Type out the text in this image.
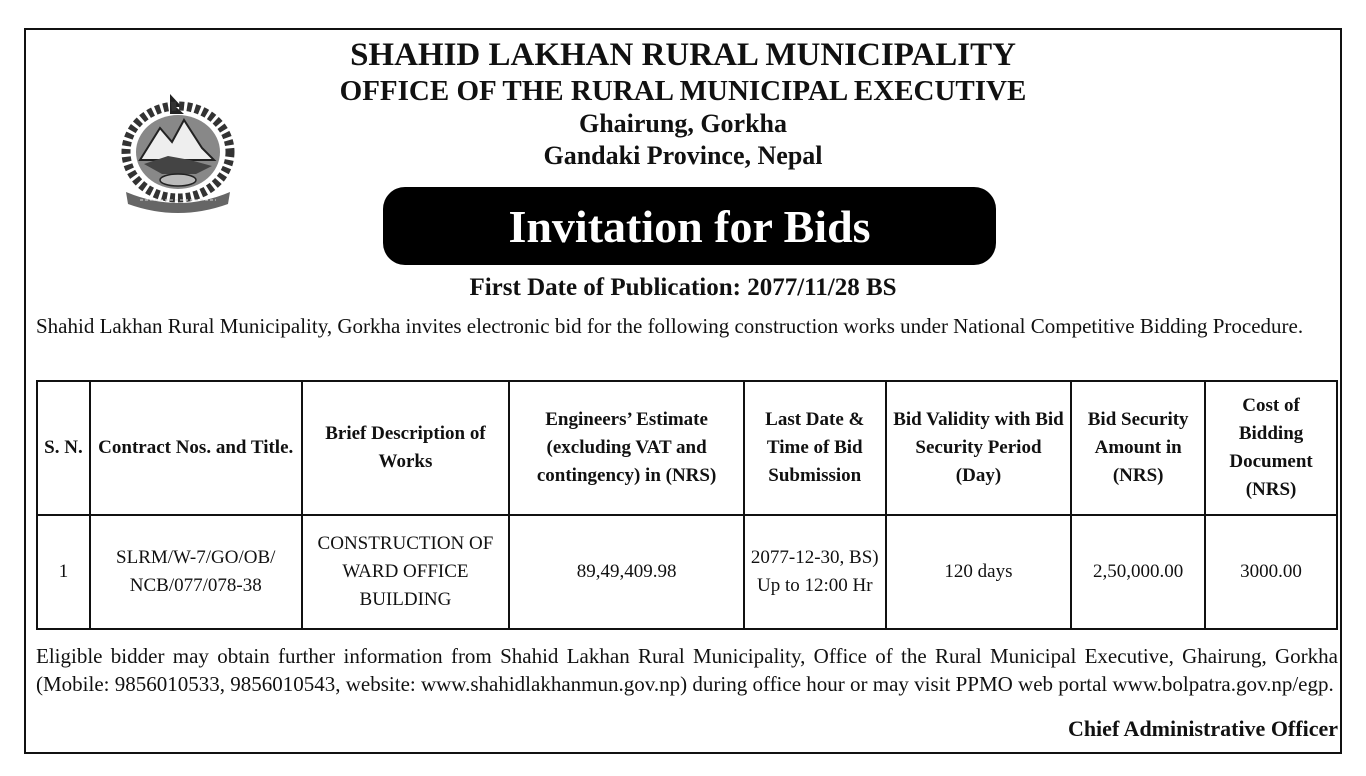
SHAHID LAKHAN RURAL MUNICIPALITY

OFFICE OF THE RURAL MUNICIPAL EXECUTIVE

Ghairung, Gorkha

Gandaki Province, Nepal

Invitation for Bids
First Date of Publication: 2077/11/28 BS
Shahid Lakhan Rural Municipality, Gorkha invites electronic bid for the following construction works under National Competitive Bidding Procedure.
S. N.	Contract Nos. and Title.	Brief Description of Works	Engineers’ Estimate (excluding VAT and contingency) in (NRS)	Last Date & Time of Bid Submission	Bid Validity with Bid Security Period (Day)	Bid Security Amount in (NRS)	Cost of Bidding Document (NRS)
1	SLRM/W-7/GO/OB/ NCB/077/078-38	CONSTRUCTION OF WARD OFFICE BUILDING	89,49,409.98	2077-12-30, BS) Up to 12:00 Hr	120 days	2,50,000.00	3000.00
Eligible bidder may obtain further information from Shahid Lakhan Rural Municipality, Office of the Rural Municipal Executive, Ghairung, Gorkha (Mobile: 9856010533, 9856010543, website: www.shahidlakhanmun.gov.np) during office hour or may visit PPMO web portal www.bolpatra.gov.np/egp.
Chief Administrative Officer
